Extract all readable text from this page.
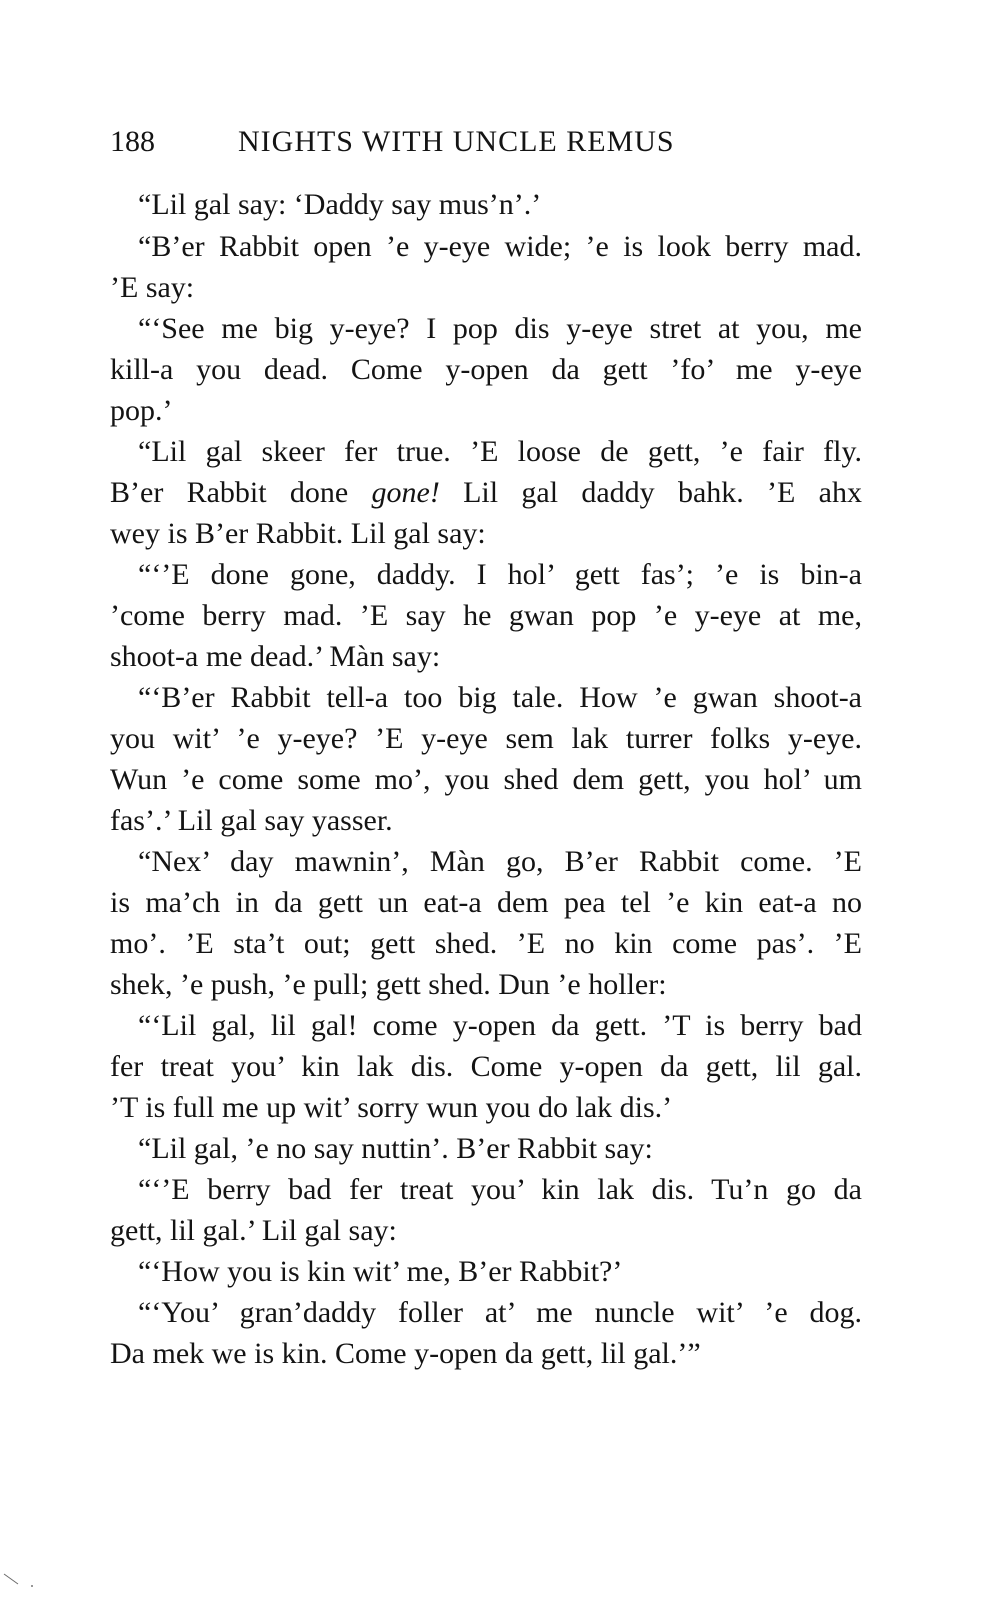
188	NIGHTS WITH UNCLE REMUS

“Lil gal say: ‘Daddy say mus’n’.’

“B’er Rabbit open ’e y-eye wide; ’e is look berry mad.

’E say:

“‘See me big y-eye? I pop dis y-eye stret at you, me

kill-a you dead. Come y-open da gett ’fo’ me y-eye

pop.’

“Lil gal skeer fer true. ’E loose de gett, ’e fair fly.

B’er Rabbit done gone! Lil gal daddy bahk. ’E ahx

wey is B’er Rabbit. Lil gal say:

“‘’E done gone, daddy. I hol’ gett fas’; ’e is bin-a

’come berry mad. ’E say he gwan pop ’e y-eye at me,

shoot-a me dead.’ Màn say:

“‘B’er Rabbit tell-a too big tale. How ’e gwan shoot-a

you wit’ ’e y-eye? ’E y-eye sem lak turrer folks y-eye.

Wun ’e come some mo’, you shed dem gett, you hol’ um

fas’.’ Lil gal say yasser.

“Nex’ day mawnin’, Màn go, B’er Rabbit come. ’E

is ma’ch in da gett un eat-a dem pea tel ’e kin eat-a no

mo’. ’E sta’t out; gett shed. ’E no kin come pas’. ’E

shek, ’e push, ’e pull; gett shed. Dun ’e holler:

“‘Lil gal, lil gal! come y-open da gett. ’T is berry bad

fer treat you’ kin lak dis. Come y-open da gett, lil gal.

’T is full me up wit’ sorry wun you do lak dis.’

“Lil gal, ’e no say nuttin’. B’er Rabbit say:

“‘’E berry bad fer treat you’ kin lak dis. Tu’n go da

gett, lil gal.’ Lil gal say:

“‘How you is kin wit’ me, B’er Rabbit?’

“‘You’ gran’daddy foller at’ me nuncle wit’ ’e dog.

Da mek we is kin. Come y-open da gett, lil gal.’”
